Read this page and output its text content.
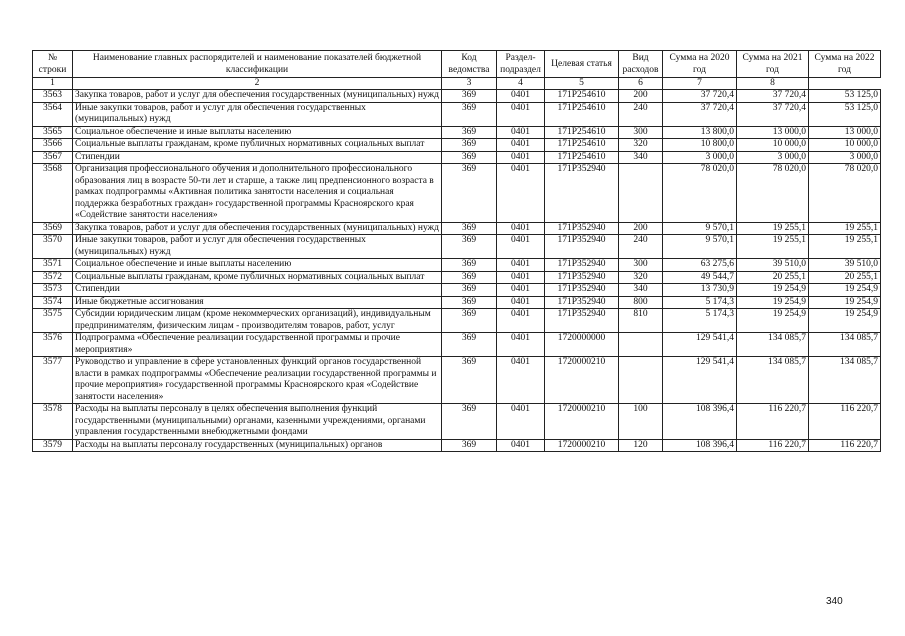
№ строки	Наименование главных распорядителей и наименование показателей бюджетной классификации	Код ведомства	Раздел-подраздел	Целевая статья	Вид расходов	Сумма на 2020 год	Сумма на 2021 год	Сумма на 2022 год
1	2	3	4	5	6	7	8	
3563	Закупка товаров, работ и услуг для обеспечения государственных (муниципальных) нужд	369	0401	171Р254610	200	37 720,4	37 720,4	53 125,0
3564	Иные закупки товаров, работ и услуг для обеспечения государственных (муниципальных) нужд	369	0401	171Р254610	240	37 720,4	37 720,4	53 125,0
3565	Социальное обеспечение и иные выплаты населению	369	0401	171Р254610	300	13 800,0	13 000,0	13 000,0
3566	Социальные выплаты гражданам, кроме публичных нормативных социальных выплат	369	0401	171Р254610	320	10 800,0	10 000,0	10 000,0
3567	Стипендии	369	0401	171Р254610	340	3 000,0	3 000,0	3 000,0
3568	Организация профессионального обучения и дополнительного профессионального образования лиц в возрасте 50-ти лет и старше, а также лиц предпенсионного возраста в рамках подпрограммы «Активная политика занятости населения и социальная поддержка безработных граждан» государственной программы Красноярского края «Содействие занятости населения»	369	0401	171Р352940		78 020,0	78 020,0	78 020,0
3569	Закупка товаров, работ и услуг для обеспечения государственных (муниципальных) нужд	369	0401	171Р352940	200	9 570,1	19 255,1	19 255,1
3570	Иные закупки товаров, работ и услуг для обеспечения государственных (муниципальных) нужд	369	0401	171Р352940	240	9 570,1	19 255,1	19 255,1
3571	Социальное обеспечение и иные выплаты населению	369	0401	171Р352940	300	63 275,6	39 510,0	39 510,0
3572	Социальные выплаты гражданам, кроме публичных нормативных социальных выплат	369	0401	171Р352940	320	49 544,7	20 255,1	20 255,1
3573	Стипендии	369	0401	171Р352940	340	13 730,9	19 254,9	19 254,9
3574	Иные бюджетные ассигнования	369	0401	171Р352940	800	5 174,3	19 254,9	19 254,9
3575	Субсидии юридическим лицам (кроме некоммерческих организаций), индивидуальным предпринимателям, физическим лицам - производителям товаров, работ, услуг	369	0401	171Р352940	810	5 174,3	19 254,9	19 254,9
3576	Подпрограмма «Обеспечение реализации государственной программы и прочие мероприятия»	369	0401	1720000000		129 541,4	134 085,7	134 085,7
3577	Руководство и управление в сфере установленных функций органов государственной власти в рамках подпрограммы «Обеспечение реализации государственной программы и прочие мероприятия» государственной программы Красноярского края «Содействие занятости населения»	369	0401	1720000210		129 541,4	134 085,7	134 085,7
3578	Расходы на выплаты персоналу в целях обеспечения выполнения функций государственными (муниципальными) органами, казенными учреждениями, органами управления государственными внебюджетными фондами	369	0401	1720000210	100	108 396,4	116 220,7	116 220,7
3579	Расходы на выплаты персоналу государственных (муниципальных) органов	369	0401	1720000210	120	108 396,4	116 220,7	116 220,7
340
